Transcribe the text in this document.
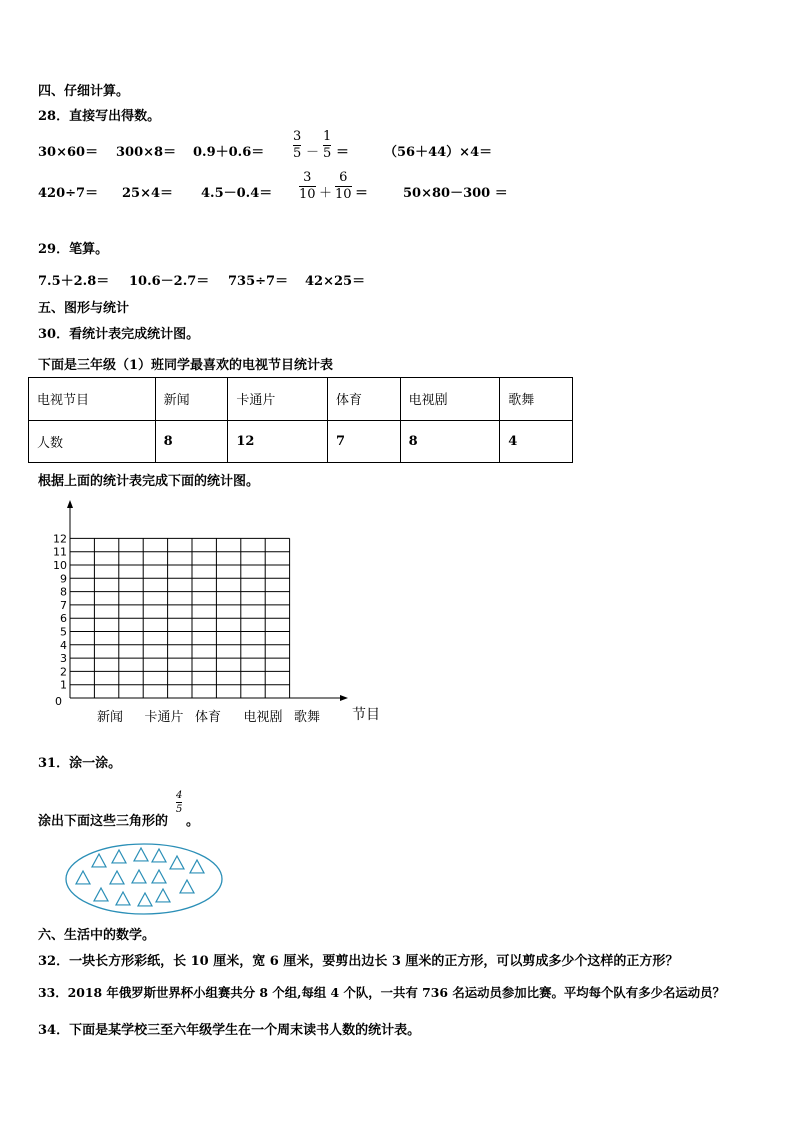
四、仔细计算。
28．直接写出得数。
30×60＝ 300×8＝ 0.9＋0.6＝
3
5 －
1
5 ＝	（56＋44）×4＝
420÷7＝ 25×4＝ 4.5－0.4＝
3
10 ＋
6
10 ＝	50×80－300 ＝
29．笔算。
7.5＋2.8＝ 10.6－2.7＝ 735÷7＝ 42×25＝
五、图形与统计
30．看统计表完成统计图。
下面是三年级（1）班同学最喜欢的电视节目统计表
电视节目	新闻	卡通片	体育	电视剧	歌舞
人数	8	12	7	8	4
根据上面的统计表完成下面的统计图。
0
1
2
3
4
5
6
7
8
9
10
11
12
新闻 卡通片 体育 电视剧 歌舞 节目
31．涂一涂。
涂出下面这些三角形的
4
5
。
六、生活中的数学。
32．一块长方形彩纸，长 10 厘米，宽 6 厘米，要剪出边长 3 厘米的正方形，可以剪成多少个这样的正方形？
33．2018 年俄罗斯世界杯小组赛共分 8 个组,每组 4 个队，一共有 736 名运动员参加比赛。平均每个队有多少名运动员？
34．下面是某学校三至六年级学生在一个周末读书人数的统计表。
